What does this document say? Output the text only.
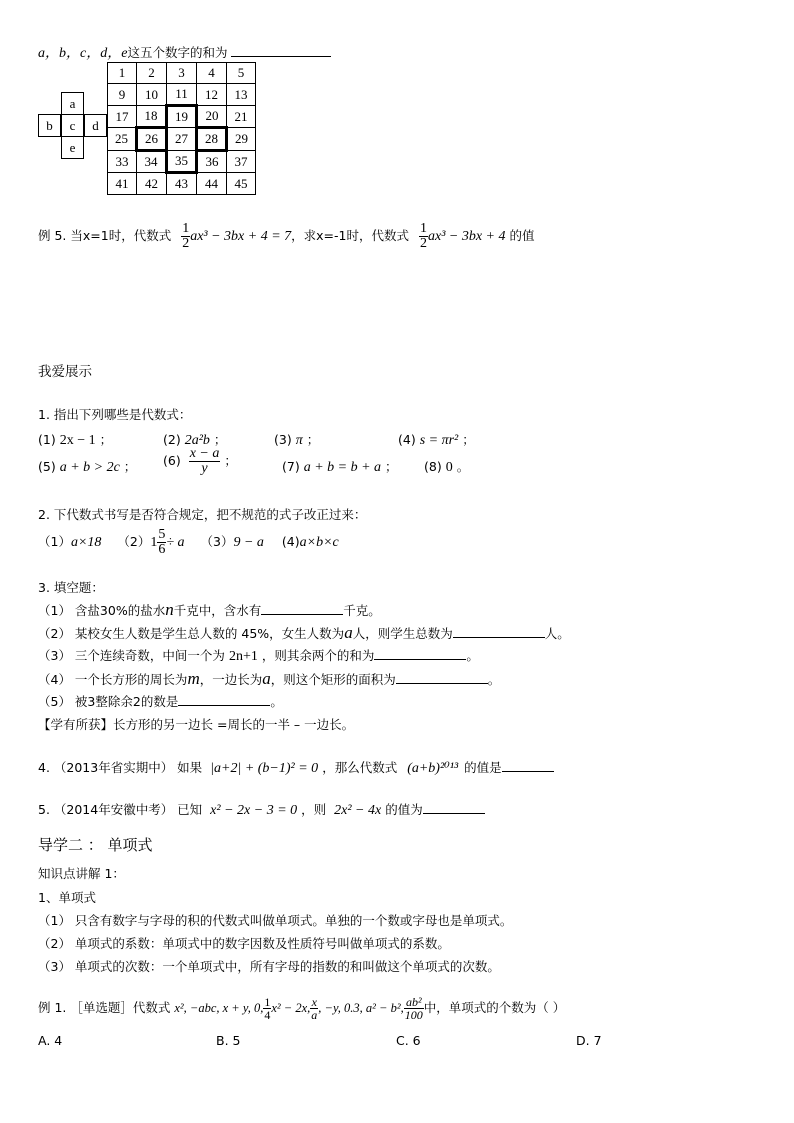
a，b，c，d，e这五个数字的和为
a
b	c	d
e
1	2	3	4	5
9	10	11	12	13
17	18	19	20	21
25	26	27	28	29
33	34	35	36	37
41	42	43	44	45
例 5. 当x=1时，代数式 $\frac{1}{2} ax^3 - 3bx + 4 = 7$，求x=-1时，代数式 $\frac{1}{2} ax^3 - 3bx + 4$ 的值
我爱展示
1. 指出下列哪些是代数式：
(1) 2x − 1 ；	(2) 2a²b ；	(3) π ；	(4) s = πr² ；
(5) a + b > 2c ； $(6) \frac{x - a}{y}$ ；	(7) a + b = b + a ； (8) 0 。
2. 下代数式书写是否符合规定，把不规范的式子改正过来：
（1）a×18 $(2)1 \frac{5}{6} \div a$ （3）9 − a (4)a×b×c
3. 填空题：
（1） 含盐30%的盐水n千克中，含水有	千克。
（2） 某校女生人数是学生总人数的 45%，女生人数为a人，则学生总数为	人。
（3） 三个连续奇数，中间一个为 2n+1 ，则其余两个的和为	。
（4） 一个长方形的周长为m，一边长为a，则这个矩形的面积为	。
（5） 被3整除余2的数是	。
【学有所获】长方形的另一边长 =周长的一半 – 一边长。
4. （2013年省实期中） 如果 |a+2| + (b−1)² = 0 ，那么代数式 (a+b)²⁰¹³ 的值是
5. （2014年安徽中考） 已知 x² − 2x − 3 = 0 ，则 2x² − 4x 的值为
导学二 ： 单项式
知识点讲解 1：
1、单项式
（1） 只含有数字与字母的积的代数式叫做单项式。单独的一个数或字母也是单项式。
（2） 单项式的系数：单项式中的数字因数及性质符号叫做单项式的系数。
（3） 单项式的次数：一个单项式中，所有字母的指数的和叫做这个单项式的次数。
例 1. ［单选题］代数式 x², −abc, x + y, 0, $\frac{1}{4} x^2 - 2x$, $\frac{x}{a}$ , −y, 0.3, a² − b², $\frac{\text{ab²}}{100}$ 中，单项式的个数为（ ）
A. 4	B. 5	C. 6	D. 7
